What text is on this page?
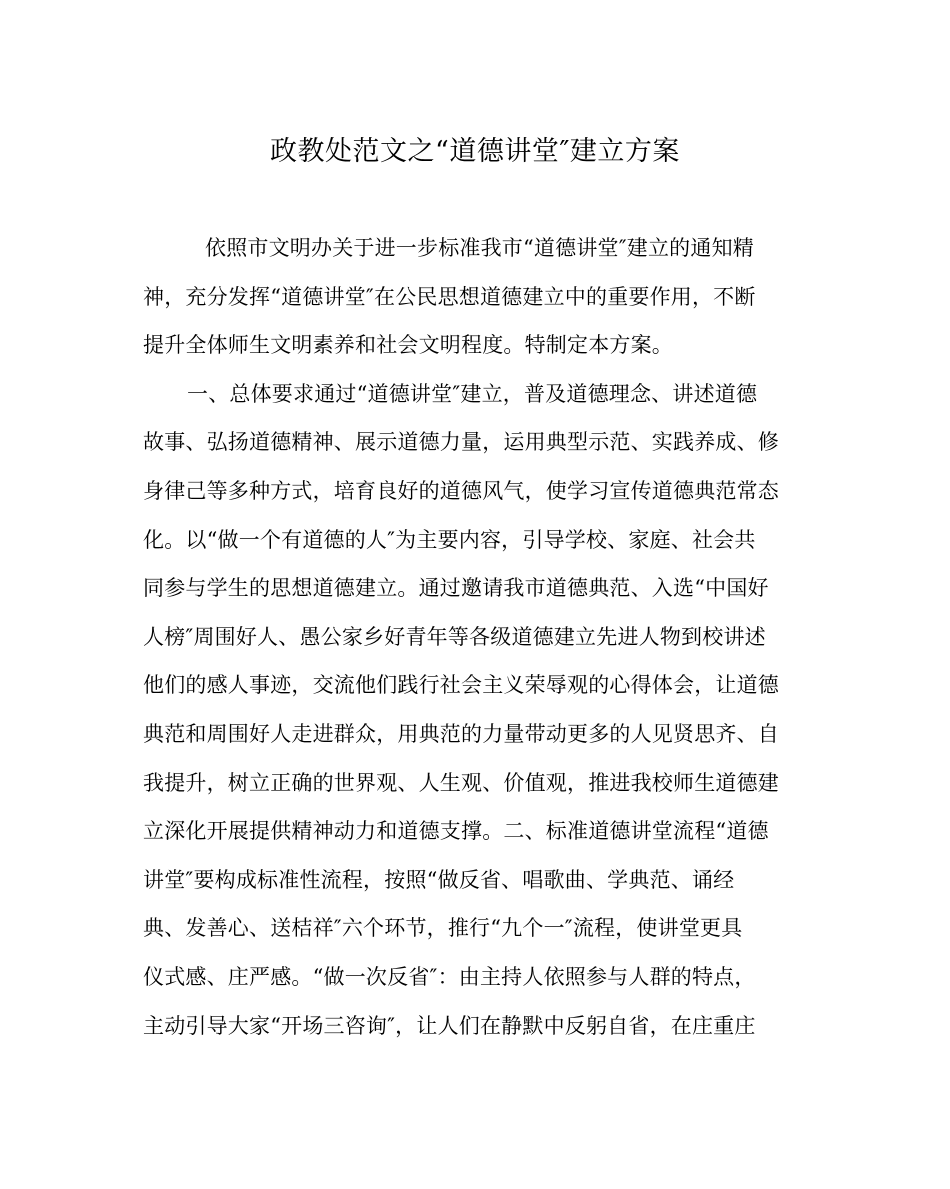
政教处范文之“道德讲堂″建立方案
依照市文明办关于进一步标准我市“道德讲堂″建立的通知精
神，充分发挥“道德讲堂″在公民思想道德建立中的重要作用，不断
提升全体师生文明素养和社会文明程度。特制定本方案。
一、总体要求通过“道德讲堂″建立，普及道德理念、讲述道德
故事、弘扬道德精神、展示道德力量，运用典型示范、实践养成、修
身律己等多种方式，培育良好的道德风气，使学习宣传道德典范常态
化。以“做一个有道德的人″为主要内容，引导学校、家庭、社会共
同参与学生的思想道德建立。通过邀请我市道德典范、入选“中国好
人榜″周围好人、愚公家乡好青年等各级道德建立先进人物到校讲述
他们的感人事迹，交流他们践行社会主义荣辱观的心得体会，让道德
典范和周围好人走进群众，用典范的力量带动更多的人见贤思齐、自
我提升，树立正确的世界观、人生观、价值观，推进我校师生道德建
立深化开展提供精神动力和道德支撑。二、标准道德讲堂流程“道德
讲堂″要构成标准性流程，按照“做反省、唱歌曲、学典范、诵经
典、发善心、送桔祥″六个环节，推行“九个一″流程，使讲堂更具
仪式感、庄严感。“做一次反省″：由主持人依照参与人群的特点，
主动引导大家“开场三咨询″，让人们在静默中反躬自省，在庄重庄
